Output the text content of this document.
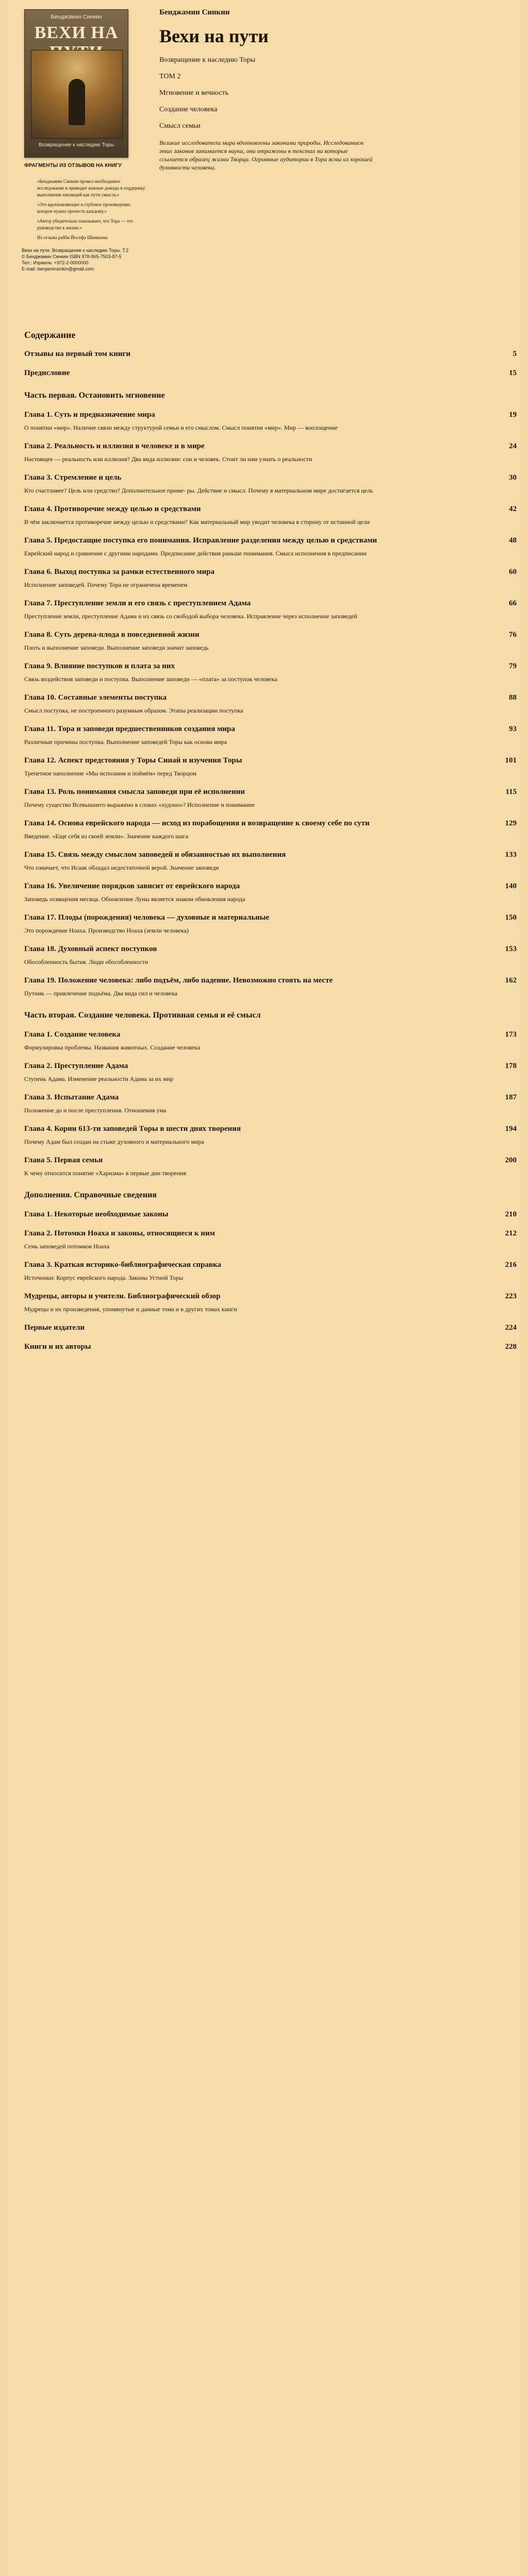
Бенджамин Синкин
ВЕХИ НА
Возвращение к наследию Торы
ФРАГМЕНТЫ ИЗ ОТЗЫВОВ НА КНИГУ
«Бенджамин Синкин провел необходимое исследование и приводит важные доводы в поддержку выполнения заповедей как пути смысла.»
«Это вдохновляющее и глубокое произведение, которое нужно прочесть каждому.»
«Автор убедительно показывает, что Тора — это руководство к жизни.»
Из отзыва рабби Йосефа Шимшона
Вехи на пути. Возвращение к наследию Торы. Т.2
© Бенджамин Синкин ISBN 978-965-7503-87-5
Тел.: Израиль: +972-2-0000000
E-mail: benjaminsinkin@gmail.com
Бенджамин Синкин
Вехи на пути
Возвращение к наследию Торы
ТОМ 2
Мгновение и вечность
Создание человека
Смысл семьи
Великие исследователи мира вдохновлены законами природы. Исследованием этих законов занимается наука, они отражены в текстах на которые ссылается образец жизни Творца. Огромные аудитории в Тора ясны из хорошей духовности человека.
Содержание
Отзывы на первый том книги	5
Предисловие	15
Часть первая. Остановить мгновение
Глава 1. Суть и предназначение мира	19
О понятии «мир». Наличие связи между структурой семьи и его смыслом. Смысл понятия «мир». Мир — воплощение
Глава 2. Реальность и иллюзия в человеке и в мире	24
Настоящее — реальность или иллюзия? Два вида иллюзии: сон и человек. Стоит ли нам узнать о реальности
Глава 3. Стремление и цель	30
Кто счастливее? Цель или средство? Дополнительное приме- ры. Действие и смысл. Почему в материальном мире достигается цель
Глава 4. Противоречие между целью и средствами	42
В чём заключается противоречие между целью и средствами? Как материальный мир уводит человека в сторону от истинной цели
Глава 5. Предостащие поступка его понимания. Исправление разделения между целью и средствами	48
Еврейский народ и сравнение с другими народами. Предписание действия раньше понимания. Смысл исполнения в предписании
Глава 6. Выход поступка за рамки естественного мира	60
Исполнение заповедей. Почему Тора не ограничена временем
Глава 7. Преступление земли и его связь с преступлением Адама	66
Преступление земли, преступление Адама и их связь со свободой выбора человека. Исправление через исполнение заповедей
Глава 8. Суть дерева-плода в повседневной жизни	76
Плоть и выполнение заповеди. Выполнение заповеди значит заповедь
Глава 9. Влияние поступков и плата за них	79
Связь воздействия заповеди и поступка. Выполнение заповеди — «плата» за поступок человека
Глава 10. Составные элементы поступка	88
Смысл поступка, не построенного разумным образом. Этапы реализации поступка
Глава 11. Тора и заповеди предшественников создания мира	93
Различные причины поступка. Выполнение заповедей Торы как основа мира
Глава 12. Аспект предстояния у Торы Синай и изучения Торы	101
Трепетное наполнение «Мы исполним и поймём» перед Творцом
Глава 13. Роль понимания смысла заповеди при её исполнении	115
Почему существо Всевышнего выражено в словах «худоно»? Исполнение и понимание
Глава 14. Основа еврейского народа — исход из порабощения и возвращение к своему себе по сути	129
Введение. «Еще себя из своей земли». Значение каждого шага
Глава 15. Связь между смыслом заповедей и обязанностью их выполнения	133
Что означает, что Исаак обладал недостаточной верой. Значение заповеди
Глава 16. Увеличение порядков зависит от еврейского народа	140
Заповедь освящения месяца. Обновление Луны является знаком обновления народа
Глава 17. Плоды (порождения) человека — духовные и материальные	150
Это порождение Ноаха. Производство Ноаха (земли человека)
Глава 18. Духовный аспект поступков	153
Обособленность бытия. Люди обособленности
Глава 19. Положение человека: либо подъём, либо падение. Невозможно стоять на месте	162
Путник — привлечение подъёма. Два вида сил и человека
Часть вторая. Создание человека. Противная семья и её смысл
Глава 1. Создание человека	173
Формулировка проблемы. Названия животных. Создание человека
Глава 2. Преступление Адама	178
Ступень Адама. Изменение реальности Адама за их мир
Глава 3. Испытание Адама	187
Положение до и после преступления. Отношения ума
Глава 4. Корни 613-ти заповедей Торы в шести днях творения	194
Почему Адам был создан на стыке духовного и материального мира
Глава 5. Первая семья	200
К чему относится понятие «Харизма» в первые дни творения
Дополнения. Справочные сведения
Глава 1. Некоторые необходимые законы	210
Глава 2. Потомки Ноаха и законы, относящиеся к ним	212
Семь заповедей потомков Ноаха
Глава 3. Краткая историко-библиографическая справка	216
Источники: Корпус еврейского народа. Законы Устной Торы
Мудрецы, авторы и учители. Библиографический обзор	223
Мудрецы и их произведения, упомянутые и данные тома и в других томах книги
Первые издатели	224
Книги и их авторы	228
